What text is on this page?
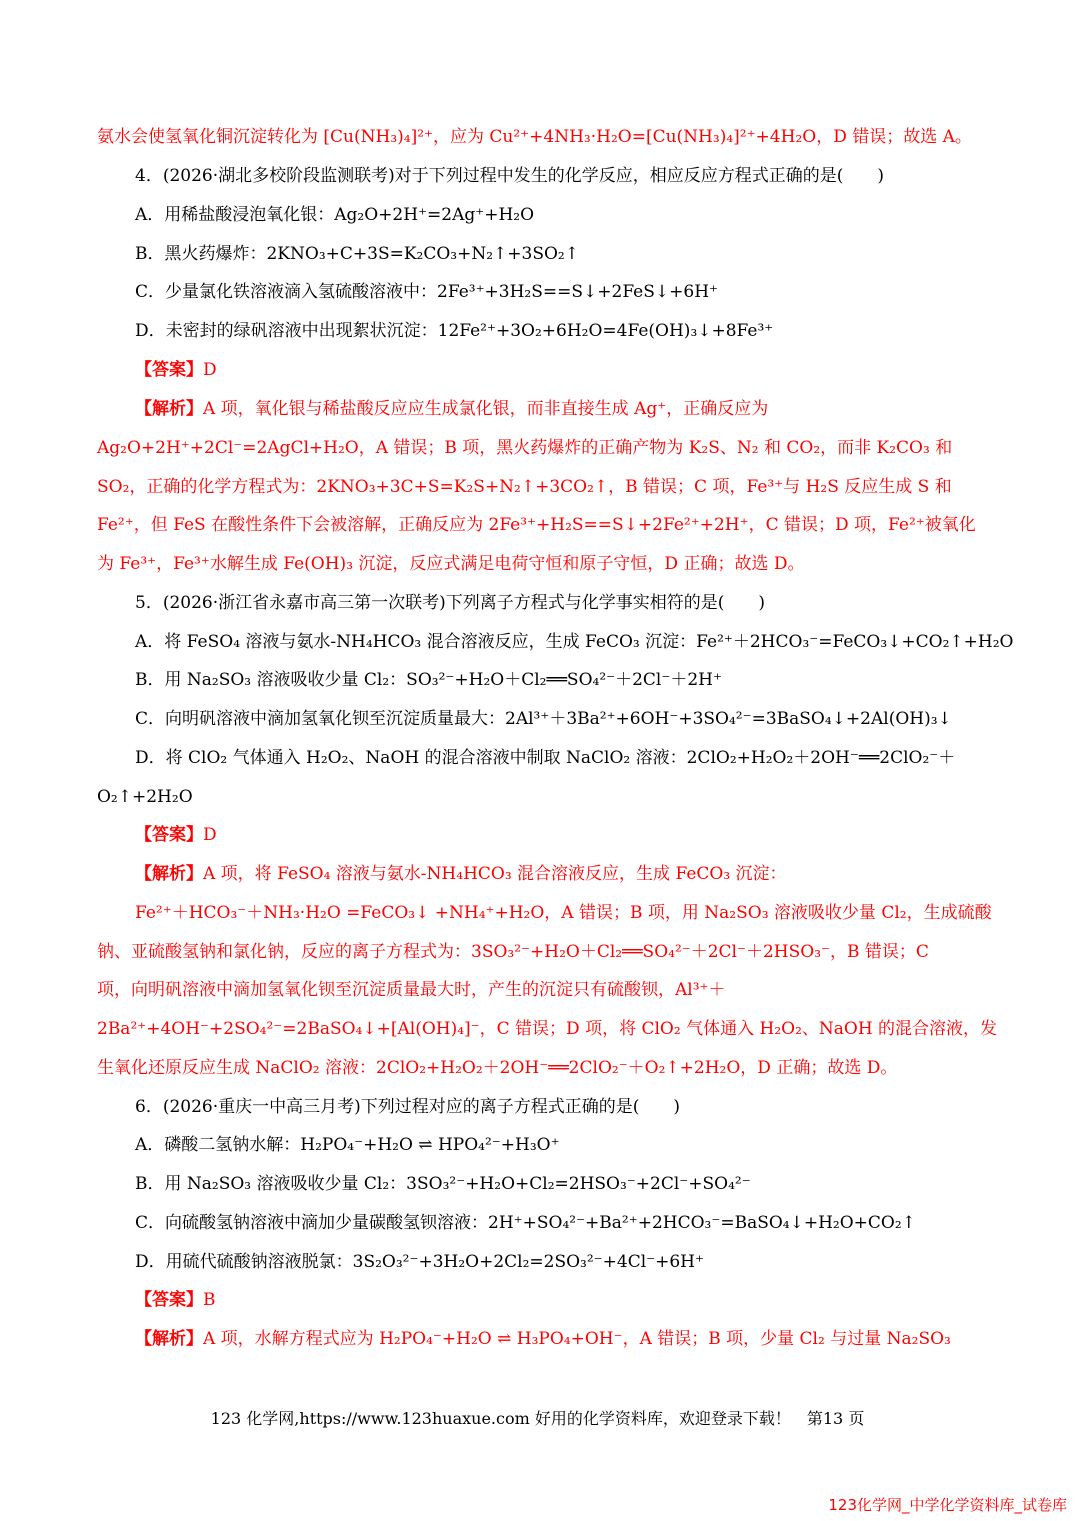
氨水会使氢氧化铜沉淀转化为 [Cu(NH₃)₄]²⁺，应为 Cu²⁺+4NH₃·H₂O=[Cu(NH₃)₄]²⁺+4H₂O，D 错误；故选 A。
4．(2026·湖北多校阶段监测联考)对于下列过程中发生的化学反应，相应反应方程式正确的是(　　)
A．用稀盐酸浸泡氧化银：Ag₂O+2H⁺=2Ag⁺+H₂O
B．黑火药爆炸：2KNO₃+C+3S=K₂CO₃+N₂↑+3SO₂↑
C．少量氯化铁溶液滴入氢硫酸溶液中：2Fe³⁺+3H₂S==S↓+2FeS↓+6H⁺
D．未密封的绿矾溶液中出现絮状沉淀：12Fe²⁺+3O₂+6H₂O=4Fe(OH)₃↓+8Fe³⁺
【答案】D
【解析】A 项，氧化银与稀盐酸反应应生成氯化银，而非直接生成 Ag⁺，正确反应为
Ag₂O+2H⁺+2Cl⁻=2AgCl+H₂O，A 错误；B 项，黑火药爆炸的正确产物为 K₂S、N₂ 和 CO₂，而非 K₂CO₃ 和
SO₂，正确的化学方程式为：2KNO₃+3C+S=K₂S+N₂↑+3CO₂↑，B 错误；C 项，Fe³⁺与 H₂S 反应生成 S 和
Fe²⁺，但 FeS 在酸性条件下会被溶解，正确反应为 2Fe³⁺+H₂S==S↓+2Fe²⁺+2H⁺，C 错误；D 项，Fe²⁺被氧化
为 Fe³⁺，Fe³⁺水解生成 Fe(OH)₃ 沉淀，反应式满足电荷守恒和原子守恒，D 正确；故选 D。
5．(2026·浙江省永嘉市高三第一次联考)下列离子方程式与化学事实相符的是(　　)
A．将 FeSO₄ 溶液与氨水-NH₄HCO₃ 混合溶液反应，生成 FeCO₃ 沉淀：Fe²⁺＋2HCO₃⁻=FeCO₃↓+CO₂↑+H₂O
B．用 Na₂SO₃ 溶液吸收少量 Cl₂：SO₃²⁻+H₂O＋Cl₂══SO₄²⁻＋2Cl⁻＋2H⁺
C．向明矾溶液中滴加氢氧化钡至沉淀质量最大：2Al³⁺＋3Ba²⁺+6OH⁻+3SO₄²⁻=3BaSO₄↓+2Al(OH)₃↓
D．将 ClO₂ 气体通入 H₂O₂、NaOH 的混合溶液中制取 NaClO₂ 溶液：2ClO₂+H₂O₂＋2OH⁻══2ClO₂⁻＋
O₂↑+2H₂O
【答案】D
【解析】A 项，将 FeSO₄ 溶液与氨水-NH₄HCO₃ 混合溶液反应，生成 FeCO₃ 沉淀：
Fe²⁺＋HCO₃⁻＋NH₃·H₂O =FeCO₃↓ +NH₄⁺+H₂O，A 错误；B 项，用 Na₂SO₃ 溶液吸收少量 Cl₂，生成硫酸
钠、亚硫酸氢钠和氯化钠，反应的离子方程式为：3SO₃²⁻+H₂O＋Cl₂══SO₄²⁻＋2Cl⁻＋2HSO₃⁻，B 错误；C
项，向明矾溶液中滴加氢氧化钡至沉淀质量最大时，产生的沉淀只有硫酸钡，Al³⁺＋
2Ba²⁺+4OH⁻+2SO₄²⁻=2BaSO₄↓+[Al(OH)₄]⁻，C 错误；D 项，将 ClO₂ 气体通入 H₂O₂、NaOH 的混合溶液，发
生氧化还原反应生成 NaClO₂ 溶液：2ClO₂+H₂O₂＋2OH⁻══2ClO₂⁻＋O₂↑+2H₂O，D 正确；故选 D。
6．(2026·重庆一中高三月考)下列过程对应的离子方程式正确的是(　　)
A．磷酸二氢钠水解：H₂PO₄⁻+H₂O ⇌ HPO₄²⁻+H₃O⁺
B．用 Na₂SO₃ 溶液吸收少量 Cl₂：3SO₃²⁻+H₂O+Cl₂=2HSO₃⁻+2Cl⁻+SO₄²⁻
C．向硫酸氢钠溶液中滴加少量碳酸氢钡溶液：2H⁺+SO₄²⁻+Ba²⁺+2HCO₃⁻=BaSO₄↓+H₂O+CO₂↑
D．用硫代硫酸钠溶液脱氯：3S₂O₃²⁻+3H₂O+2Cl₂=2SO₃²⁻+4Cl⁻+6H⁺
【答案】B
【解析】A 项，水解方程式应为 H₂PO₄⁻+H₂O ⇌ H₃PO₄+OH⁻，A 错误；B 项，少量 Cl₂ 与过量 Na₂SO₃
123 化学网,https://www.123huaxue.com 好用的化学资料库，欢迎登录下载！　第13 页
123化学网_中学化学资料库_试卷库
